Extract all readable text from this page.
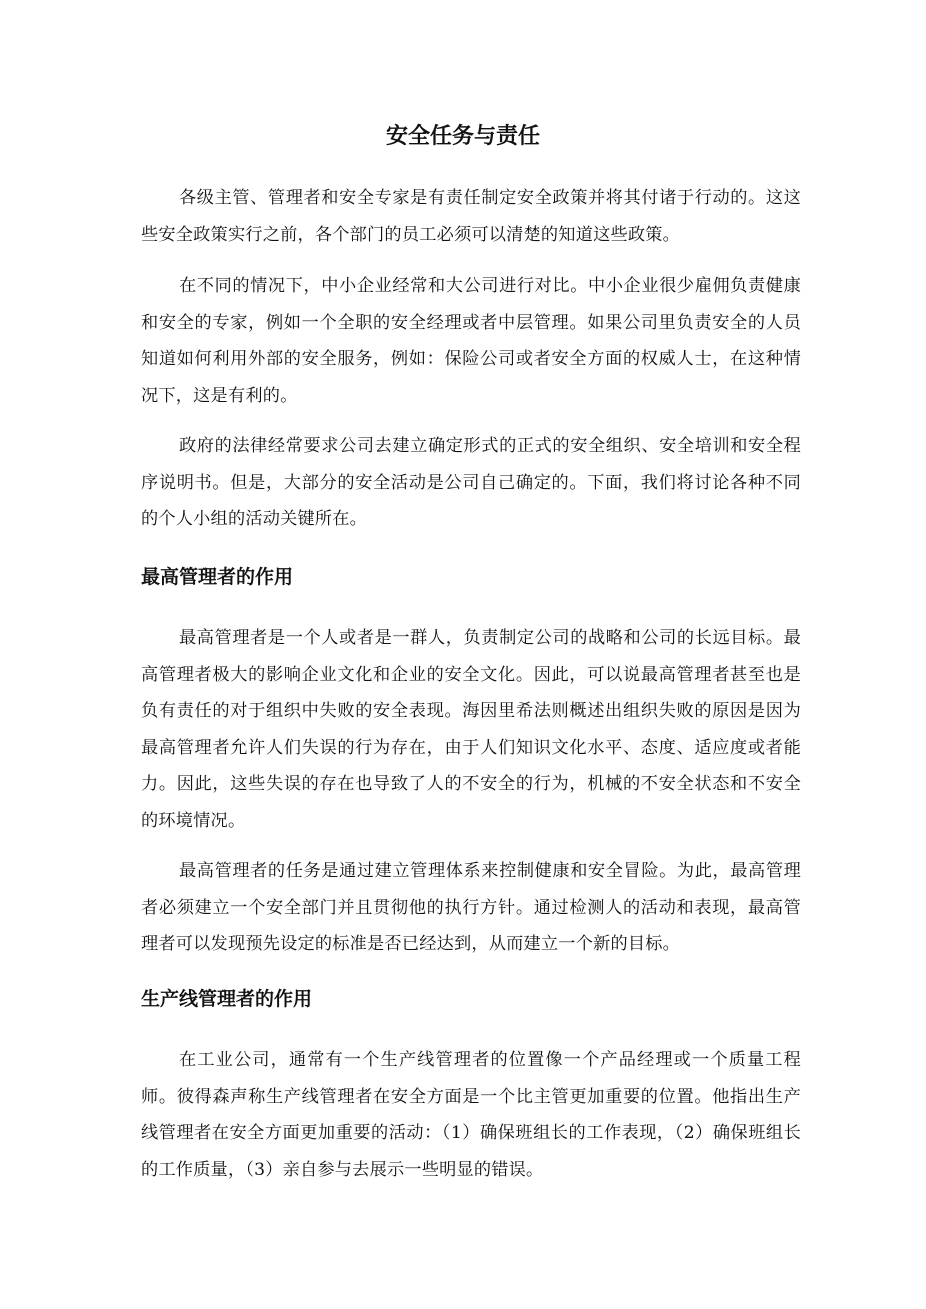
安全任务与责任

各级主管、管理者和安全专家是有责任制定安全政策并将其付诸于行动的。这这些安全政策实行之前，各个部门的员工必须可以清楚的知道这些政策。

在不同的情况下，中小企业经常和大公司进行对比。中小企业很少雇佣负责健康和安全的专家，例如一个全职的安全经理或者中层管理。如果公司里负责安全的人员知道如何利用外部的安全服务，例如：保险公司或者安全方面的权威人士，在这种情况下，这是有利的。

政府的法律经常要求公司去建立确定形式的正式的安全组织、安全培训和安全程序说明书。但是，大部分的安全活动是公司自己确定的。下面，我们将讨论各种不同的个人小组的活动关键所在。

最高管理者的作用

最高管理者是一个人或者是一群人，负责制定公司的战略和公司的长远目标。最高管理者极大的影响企业文化和企业的安全文化。因此，可以说最高管理者甚至也是负有责任的对于组织中失败的安全表现。海因里希法则概述出组织失败的原因是因为最高管理者允许人们失误的行为存在，由于人们知识文化水平、态度、适应度或者能力。因此，这些失误的存在也导致了人的不安全的行为，机械的不安全状态和不安全的环境情况。

最高管理者的任务是通过建立管理体系来控制健康和安全冒险。为此，最高管理者必须建立一个安全部门并且贯彻他的执行方针。通过检测人的活动和表现，最高管理者可以发现预先设定的标准是否已经达到，从而建立一个新的目标。

生产线管理者的作用

在工业公司，通常有一个生产线管理者的位置像一个产品经理或一个质量工程师。彼得森声称生产线管理者在安全方面是一个比主管更加重要的位置。他指出生产线管理者在安全方面更加重要的活动：（1）确保班组长的工作表现，（2）确保班组长的工作质量，（3）亲自参与去展示一些明显的错误。
